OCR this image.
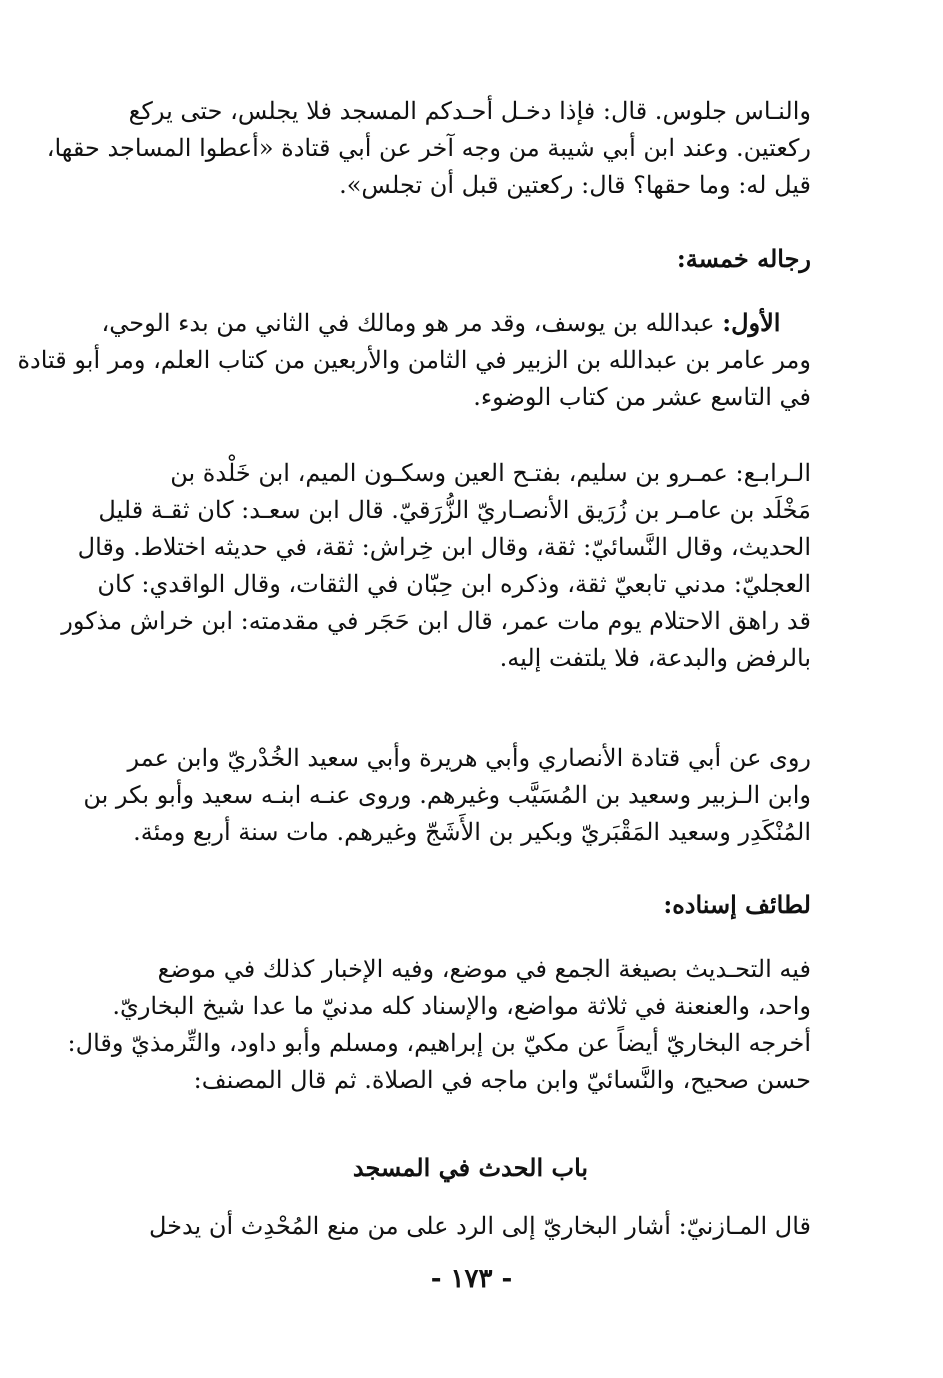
والنـاس جلوس. قال: فإذا دخـل أحـدكم المسجد فلا يجلس، حتى يركع
ركعتين. وعند ابن أبي شيبة من وجه آخر عن أبي قتادة «أعطوا المساجد حقها،
قيل له: وما حقها؟ قال: ركعتين قبل أن تجلس».
رجاله خمسة:
  الأول: عبدالله بن يوسف، وقد مر هو ومالك في الثاني من بدء الوحي،
ومر عامر بن عبدالله بن الزبير في الثامن والأربعين من كتاب العلم، ومر أبو قتادة
في التاسع عشر من كتاب الوضوء.
الـرابـع: عمـرو بن سليم، بفتـح العين وسكـون الميم، ابن خَلْدة بن
مَخْلَد بن عامـر بن زُرَيق الأنصـاريّ الزُّرَقيّ. قال ابن سعـد: كان ثقـة قليل
الحديث، وقال النَّسائيّ: ثقة، وقال ابن خِراش: ثقة، في حديثه اختلاط. وقال
العجليّ: مدني تابعيّ ثقة، وذكره ابن حِبّان في الثقات، وقال الواقدي: كان
قد راهق الاحتلام يوم مات عمر، قال ابن حَجَر في مقدمته: ابن خراش مذكور
بالرفض والبدعة، فلا يلتفت إليه.
روى عن أبي قتادة الأنصاري وأبي هريرة وأبي سعيد الخُدْريّ وابن عمر
وابن الـزبير وسعيد بن المُسَيَّب وغيرهم. وروى عنـه ابنـه سعيد وأبو بكر بن
المُنْكَدِر وسعيد المَقْبَريّ وبكير بن الأَشَجّ وغيرهم. مات سنة أربع ومئة.
لطائف إسناده:
فيه التحـديث بصيغة الجمع في موضع، وفيه الإخبار كذلك في موضع
واحد، والعنعنة في ثلاثة مواضع، والإسناد كله مدنيّ ما عدا شيخ البخاريّ.
أخرجه البخاريّ أيضاً عن مكيّ بن إبراهيم، ومسلم وأبو داود، والتِّرمذيّ وقال:
حسن صحيح، والنَّسائيّ وابن ماجه في الصلاة. ثم قال المصنف:
باب الحدث في المسجد
قال المـازنيّ: أشار البخاريّ إلى الرد على من منع المُحْدِث أن يدخل
- ١٧٣ -
